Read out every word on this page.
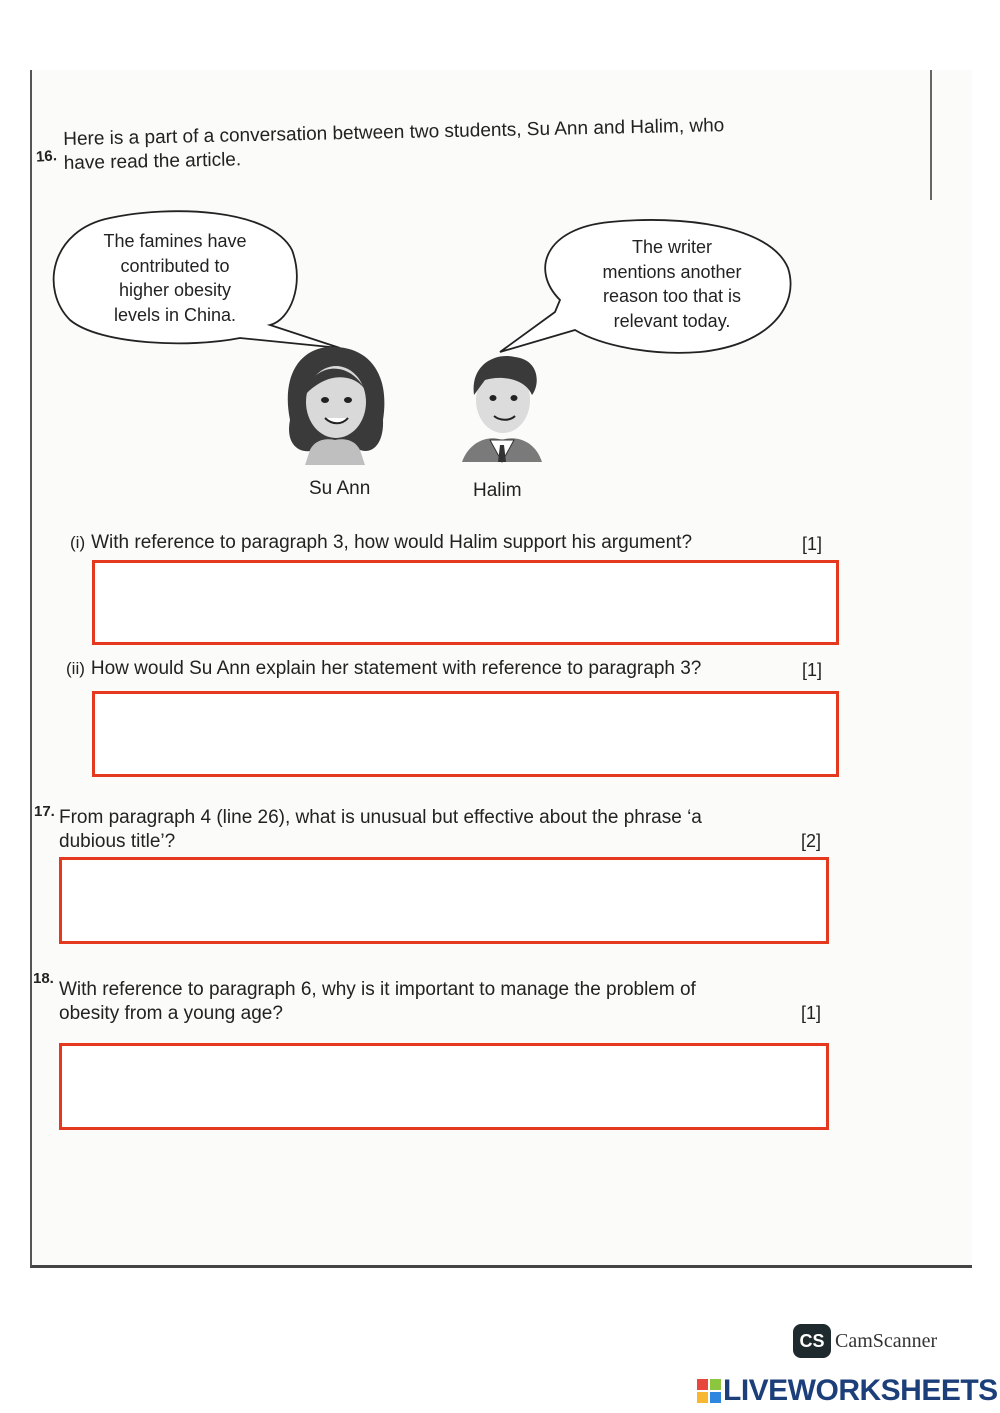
16.
Here is a part of a conversation between two students, Su Ann and Halim, who
have read the article.
The famines have
contributed to
higher obesity
levels in China.
The writer
mentions another
reason too that is
relevant today.
Su Ann	Halim
(i) With reference to paragraph 3, how would Halim support his argument?	[1]
(ii) How would Su Ann explain her statement with reference to paragraph 3?	[1]
17. From paragraph 4 (line 26), what is unusual but effective about the phrase ‘a
dubious title’?	[2]
18.
With reference to paragraph 6, why is it important to manage the problem of
obesity from a young age?	[1]
CS CamScanner
LIVEWORKSHEETS
